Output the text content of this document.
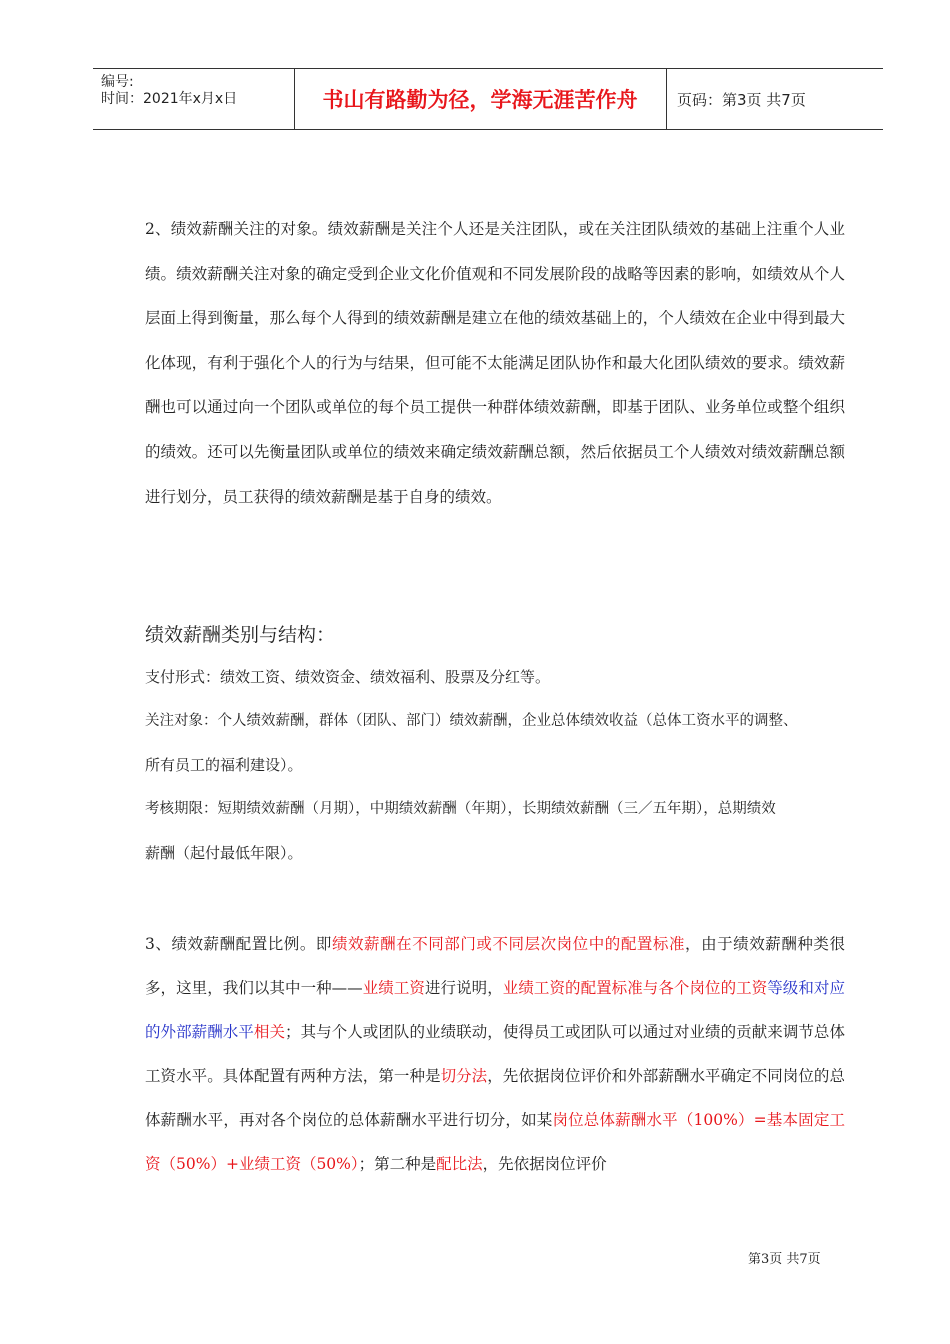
编号:
时间：2021年x月x日	书山有路勤为径，学海无涯苦作舟	页码：第3页 共7页

2、绩效薪酬关注的对象。绩效薪酬是关注个人还是关注团队，或在关注团队绩效的基础上注重个人业绩。绩效薪酬关注对象的确定受到企业文化价值观和不同发展阶段的战略等因素的影响，如绩效从个人层面上得到衡量，那么每个人得到的绩效薪酬是建立在他的绩效基础上的，个人绩效在企业中得到最大化体现，有利于强化个人的行为与结果，但可能不太能满足团队协作和最大化团队绩效的要求。绩效薪酬也可以通过向一个团队或单位的每个员工提供一种群体绩效薪酬，即基于团队、业务单位或整个组织的绩效。还可以先衡量团队或单位的绩效来确定绩效薪酬总额，然后依据员工个人绩效对绩效薪酬总额进行划分，员工获得的绩效薪酬是基于自身的绩效。

绩效薪酬类别与结构：
支付形式：绩效工资、绩效资金、绩效福利、股票及分红等。
关注对象：个人绩效薪酬，群体（团队、部门）绩效薪酬，企业总体绩效收益（总体工资水平的调整、
所有员工的福利建设）。
考核期限：短期绩效薪酬（月期），中期绩效薪酬（年期），长期绩效薪酬（三／五年期），总期绩效
薪酬（起付最低年限）。

3、绩效薪酬配置比例。即绩效薪酬在不同部门或不同层次岗位中的配置标准，由于绩效薪酬种类很多，这里，我们以其中一种——业绩工资进行说明，业绩工资的配置标准与各个岗位的工资等级和对应的外部薪酬水平相关；其与个人或团队的业绩联动，使得员工或团队可以通过对业绩的贡献来调节总体工资水平。具体配置有两种方法，第一种是切分法，先依据岗位评价和外部薪酬水平确定不同岗位的总体薪酬水平，再对各个岗位的总体薪酬水平进行切分，如某岗位总体薪酬水平（100%）=基本固定工资（50%）+业绩工资（50%）；第二种是配比法，先依据岗位评价

第3页 共7页
